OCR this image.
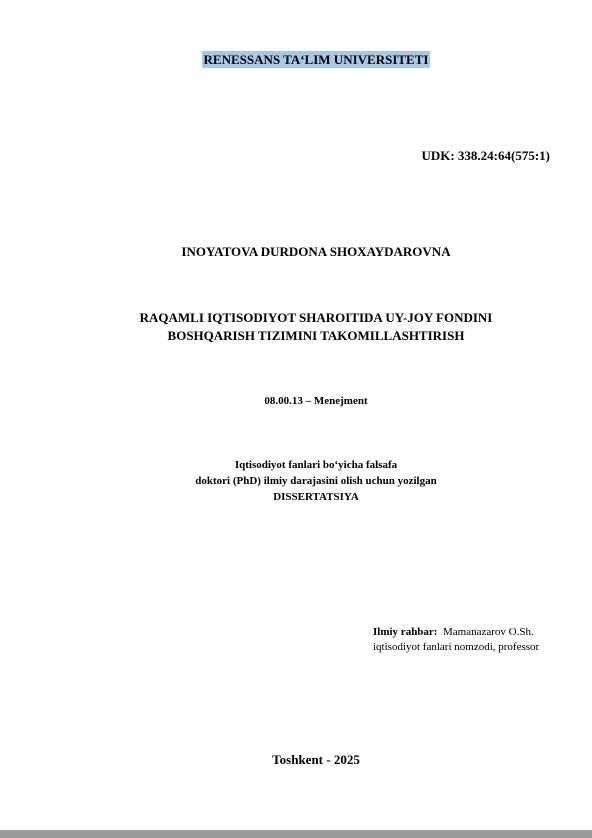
RENESSANS TA‘LIM UNIVERSITETI
UDK: 338.24:64(575:1)
INOYATOVA DURDONA SHOXAYDAROVNA
RAQAMLI IQTISODIYOT SHAROITIDA UY-JOY FONDINI
BOSHQARISH TIZIMINI TAKOMILLASHTIRISH
08.00.13 – Menejment
Iqtisodiyot fanlari bo‘yicha falsafa
doktori (PhD) ilmiy darajasini olish uchun yozilgan
DISSERTATSIYA
Ilmiy rahbar: Mamanazarov O.Sh.
iqtisodiyot fanlari nomzodi, professor
Toshkent - 2025
